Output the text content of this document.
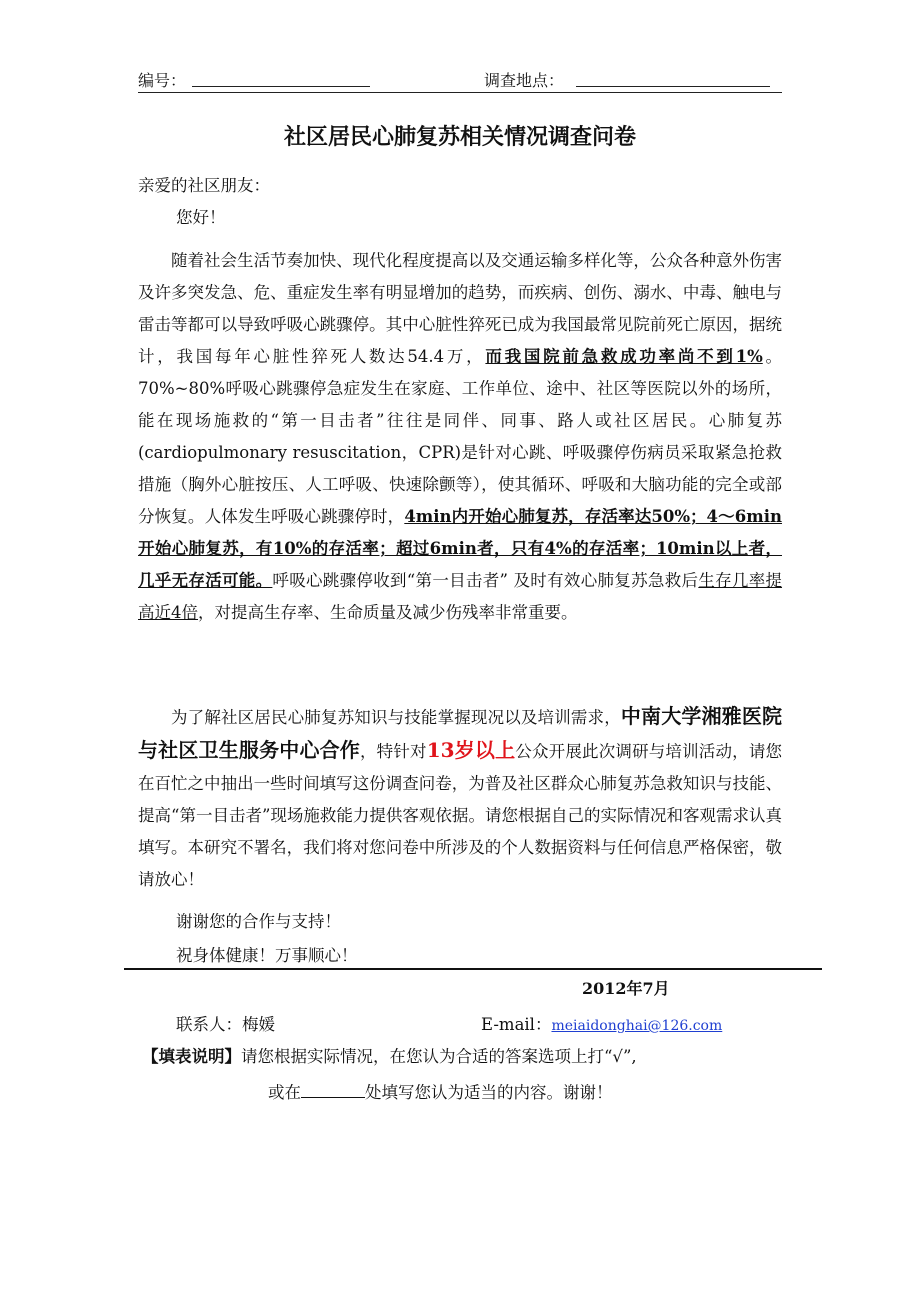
编号：	调查地点：
社区居民心肺复苏相关情况调查问卷
亲爱的社区朋友：
您好！
随着社会生活节奏加快、现代化程度提高以及交通运输多样化等，公众各种意外伤害及许多突发急、危、重症发生率有明显增加的趋势，而疾病、创伤、溺水、中毒、触电与雷击等都可以导致呼吸心跳骤停。其中心脏性猝死已成为我国最常见院前死亡原因，据统计，我国每年心脏性猝死人数达54.4万，而我国院前急救成功率尚不到1%。70%~80%呼吸心跳骤停急症发生在家庭、工作单位、途中、社区等医院以外的场所，能在现场施救的“第一目击者”往往是同伴、同事、路人或社区居民。心肺复苏(cardiopulmonary resuscitation，CPR)是针对心跳、呼吸骤停伤病员采取紧急抢救措施（胸外心脏按压、人工呼吸、快速除颤等），使其循环、呼吸和大脑功能的完全或部分恢复。人体发生呼吸心跳骤停时，4min内开始心肺复苏，存活率达50%；4～6min开始心肺复苏，有10%的存活率；超过6min者，只有4%的存活率；10min以上者，几乎无存活可能。呼吸心跳骤停收到“第一目击者” 及时有效心肺复苏急救后生存几率提高近4倍，对提高生存率、生命质量及减少伤残率非常重要。
为了解社区居民心肺复苏知识与技能掌握现况以及培训需求，中南大学湘雅医院与社区卫生服务中心合作，特针对13岁以上公众开展此次调研与培训活动，请您在百忙之中抽出一些时间填写这份调查问卷，为普及社区群众心肺复苏急救知识与技能、提高“第一目击者”现场施救能力提供客观依据。请您根据自己的实际情况和客观需求认真填写。本研究不署名，我们将对您问卷中所涉及的个人数据资料与任何信息严格保密，敬请放心！
谢谢您的合作与支持！
祝身体健康！万事顺心！
2012年7月
联系人：梅媛	E-mail：meiaidonghai@126.com
【填表说明】请您根据实际情况，在您认为合适的答案选项上打“√”,
或在	处填写您认为适当的内容。谢谢！
